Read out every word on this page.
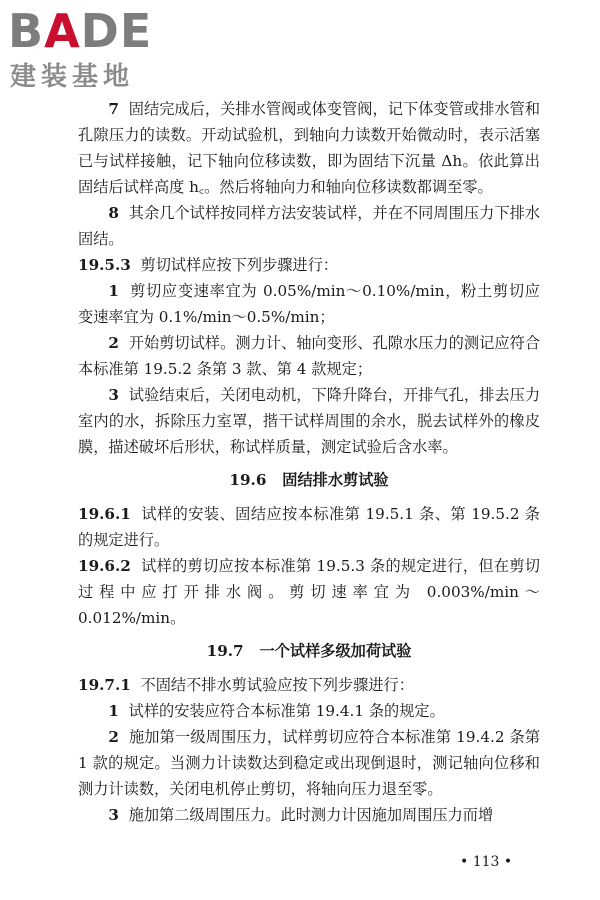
BADE
建装基地

7 固结完成后，关排水管阀或体变管阀，记下体变管或排水管和孔隙压力的读数。开动试验机，到轴向力读数开始微动时，表示活塞已与试样接触，记下轴向位移读数，即为固结下沉量 Δh。依此算出固结后试样高度 h꜀。然后将轴向力和轴向位移读数都调至零。

8 其余几个试样按同样方法安装试样，并在不同周围压力下排水固结。

19.5.3 剪切试样应按下列步骤进行：

1 剪切应变速率宜为 0.05%/min～0.10%/min，粉土剪切应变速率宜为 0.1%/min～0.5%/min；

2 开始剪切试样。测力计、轴向变形、孔隙水压力的测记应符合本标准第 19.5.2 条第 3 款、第 4 款规定；

3 试验结束后，关闭电动机，下降升降台，开排气孔，排去压力室内的水，拆除压力室罩，揩干试样周围的余水，脱去试样外的橡皮膜，描述破坏后形状，称试样质量，测定试验后含水率。

19.6 固结排水剪试验

19.6.1 试样的安装、固结应按本标准第 19.5.1 条、第 19.5.2 条的规定进行。

19.6.2 试样的剪切应按本标准第 19.5.3 条的规定进行，但在剪切过程中应打开排水阀。剪切速率宜为 0.003%/min～0.012%/min。

19.7 一个试样多级加荷试验

19.7.1 不固结不排水剪试验应按下列步骤进行：

1 试样的安装应符合本标准第 19.4.1 条的规定。

2 施加第一级周围压力，试样剪切应符合本标准第 19.4.2 条第 1 款的规定。当测力计读数达到稳定或出现倒退时，测记轴向位移和测力计读数，关闭电机停止剪切，将轴向压力退至零。

3 施加第二级周围压力。此时测力计因施加周围压力而增

• 113 •
